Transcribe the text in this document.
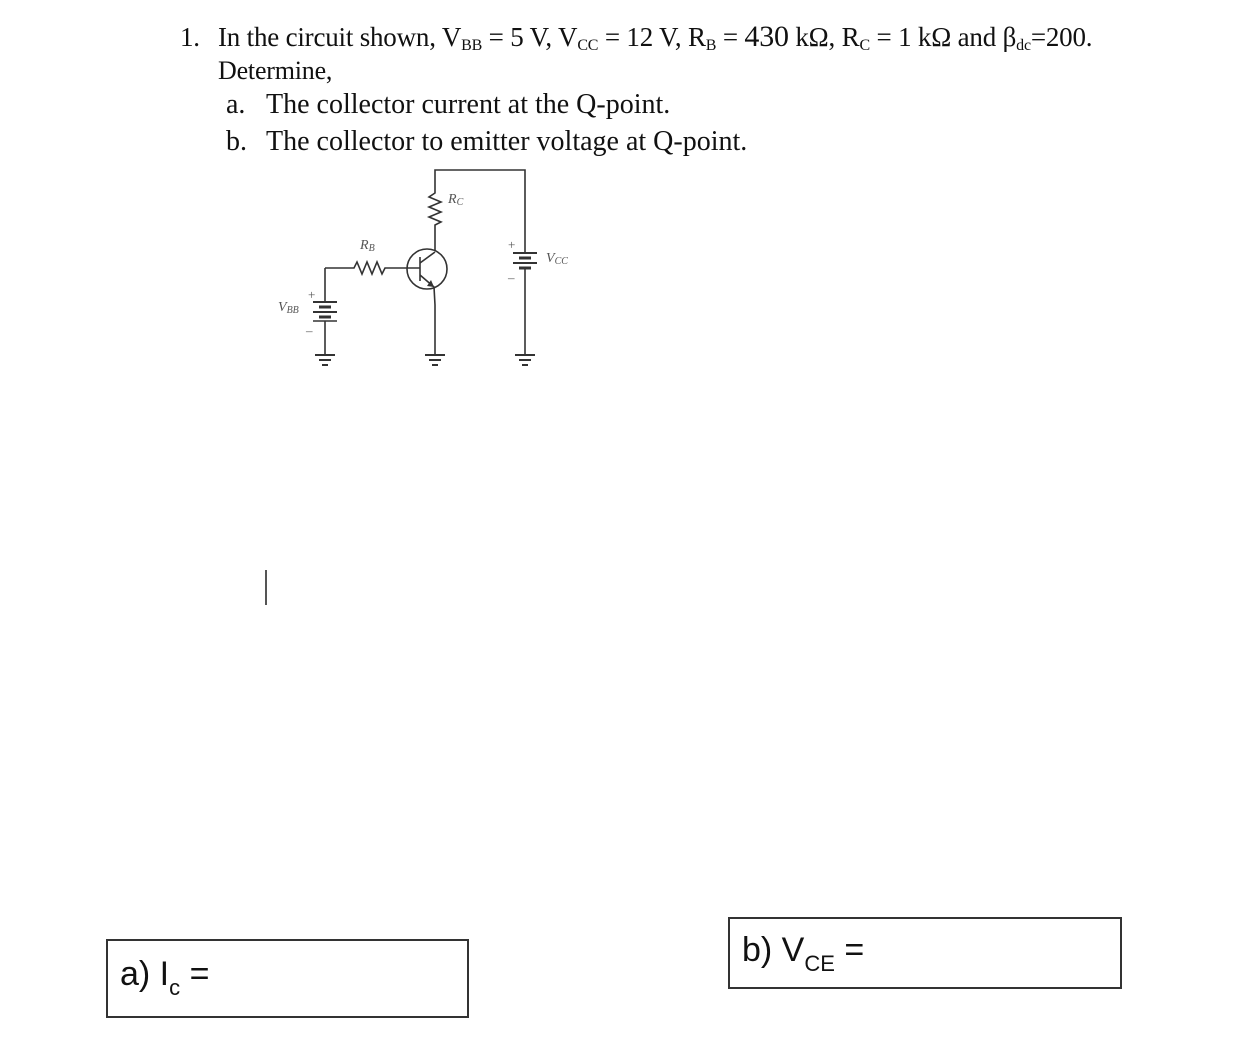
1. In the circuit shown, $V_{BB} = 5$ V, $V_{CC} = 12$ V, $R_B = 430$ kΩ, $R_C = 1$ kΩ and $\beta_{dc}=200$.
Determine,
a. The collector current at the Q-point.
b. The collector to emitter voltage at Q-point.
RC
RB
VCC
VBB
+
+
–
–
a) $I_c$ =
b) $V_{CE}$ =
